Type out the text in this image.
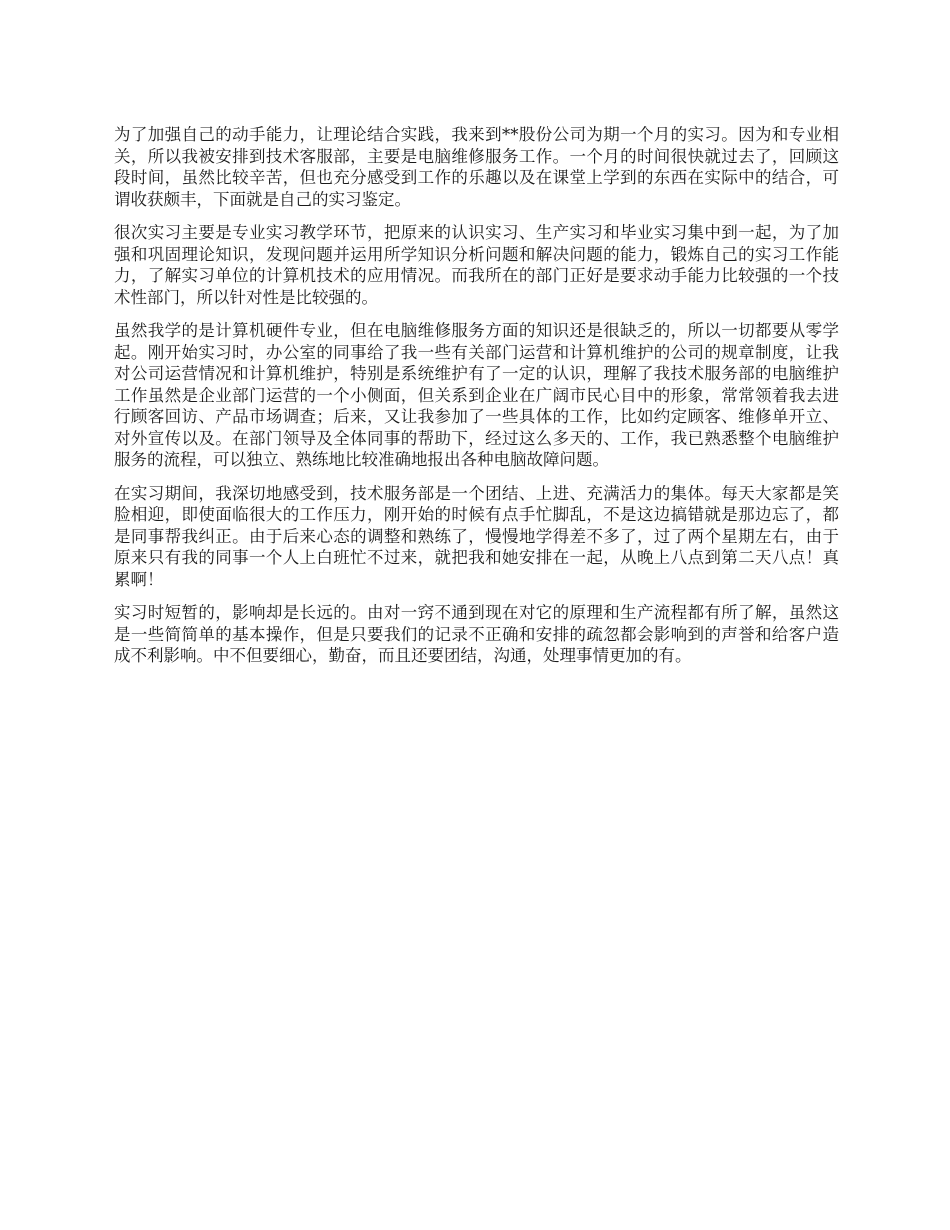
为了加强自己的动手能力，让理论结合实践，我来到**股份公司为期一个月的实习。因为和专业相关，所以我被安排到技术客服部，主要是电脑维修服务工作。一个月的时间很快就过去了，回顾这段时间，虽然比较辛苦，但也充分感受到工作的乐趣以及在课堂上学到的东西在实际中的结合，可谓收获颇丰，下面就是自己的实习鉴定。

很次实习主要是专业实习教学环节，把原来的认识实习、生产实习和毕业实习集中到一起，为了加强和巩固理论知识，发现问题并运用所学知识分析问题和解决问题的能力，锻炼自己的实习工作能力，了解实习单位的计算机技术的应用情况。而我所在的部门正好是要求动手能力比较强的一个技术性部门，所以针对性是比较强的。

虽然我学的是计算机硬件专业，但在电脑维修服务方面的知识还是很缺乏的，所以一切都要从零学起。刚开始实习时，办公室的同事给了我一些有关部门运营和计算机维护的公司的规章制度，让我对公司运营情况和计算机维护，特别是系统维护有了一定的认识，理解了我技术服务部的电脑维护工作虽然是企业部门运营的一个小侧面，但关系到企业在广阔市民心目中的形象，常常领着我去进行顾客回访、产品市场调查；后来，又让我参加了一些具体的工作，比如约定顾客、维修单开立、对外宣传以及。在部门领导及全体同事的帮助下，经过这么多天的、工作，我已熟悉整个电脑维护服务的流程，可以独立、熟练地比较准确地报出各种电脑故障问题。

在实习期间，我深切地感受到，技术服务部是一个团结、上进、充满活力的集体。每天大家都是笑脸相迎，即使面临很大的工作压力，刚开始的时候有点手忙脚乱，不是这边搞错就是那边忘了，都是同事帮我纠正。由于后来心态的调整和熟练了，慢慢地学得差不多了，过了两个星期左右，由于原来只有我的同事一个人上白班忙不过来，就把我和她安排在一起，从晚上八点到第二天八点！真累啊！

实习时短暂的，影响却是长远的。由对一窍不通到现在对它的原理和生产流程都有所了解，虽然这是一些简简单的基本操作，但是只要我们的记录不正确和安排的疏忽都会影响到的声誉和给客户造成不利影响。中不但要细心，勤奋，而且还要团结，沟通，处理事情更加的有。
